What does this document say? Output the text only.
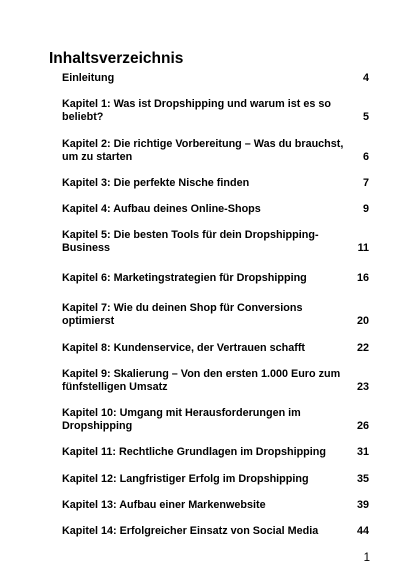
Inhaltsverzeichnis
Einleitung	4
Kapitel 1: Was ist Dropshipping und warum ist es so beliebt?	5
Kapitel 2: Die richtige Vorbereitung – Was du brauchst, um zu starten	6
Kapitel 3: Die perfekte Nische finden	7
Kapitel 4: Aufbau deines Online-Shops	9
Kapitel 5: Die besten Tools für dein Dropshipping-Business	11
Kapitel 6: Marketingstrategien für Dropshipping	16
Kapitel 7: Wie du deinen Shop für Conversions optimierst	20
Kapitel 8: Kundenservice, der Vertrauen schafft	22
Kapitel 9: Skalierung – Von den ersten 1.000 Euro zum fünfstelligen Umsatz	23
Kapitel 10: Umgang mit Herausforderungen im Dropshipping	26
Kapitel 11: Rechtliche Grundlagen im Dropshipping	31
Kapitel 12: Langfristiger Erfolg im Dropshipping	35
Kapitel 13: Aufbau einer Markenwebsite	39
Kapitel 14: Erfolgreicher Einsatz von Social Media	44
1
